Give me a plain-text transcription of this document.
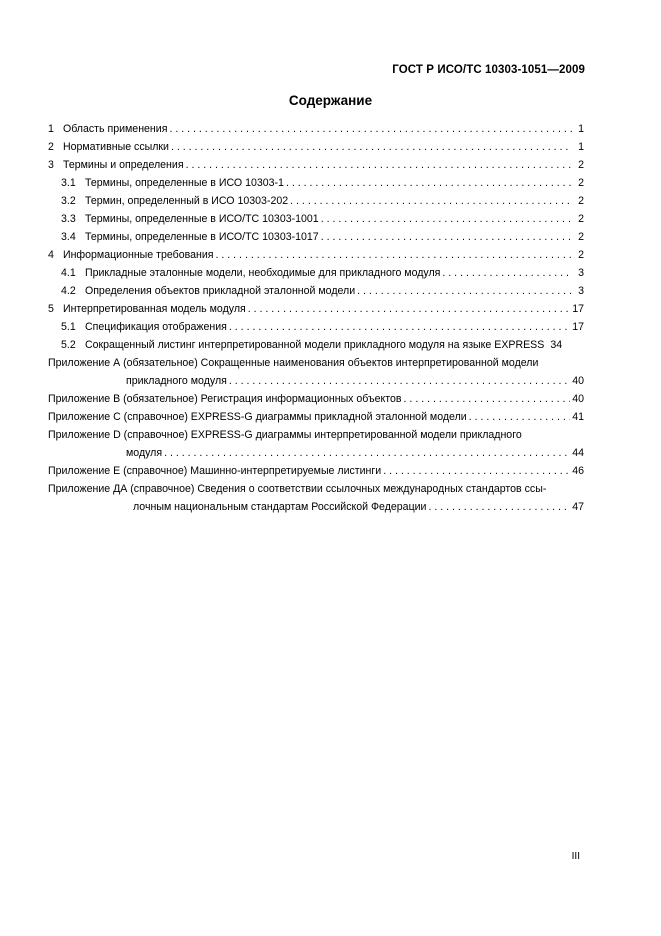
ГОСТ Р ИСО/ТС 10303-1051—2009
Содержание
1 Область применения . . .	1
2 Нормативные ссылки . . .	1
3 Термины и определения . . .	2
3.1 Термины, определенные в ИСО 10303-1 . . .	2
3.2 Термин, определенный в ИСО 10303-202 . . .	2
3.3 Термины, определенные в ИСО/ТС 10303-1001 . . .	2
3.4 Термины, определенные в ИСО/ТС 10303-1017 . . .	2
4 Информационные требования . . .	2
4.1 Прикладные эталонные модели, необходимые для прикладного модуля . . .	3
4.2 Определения объектов прикладной эталонной модели . . .	3
5 Интерпретированная модель модуля . . .	17
5.1 Спецификация отображения . . .	17
5.2 Сокращенный листинг интерпретированной модели прикладного модуля на языке EXPRESS 34
Приложение А (обязательное) Сокращенные наименования объектов интерпретированной модели
прикладного модуля . . .	40
Приложение В (обязательное) Регистрация информационных объектов . . .	40
Приложение С (справочное) EXPRESS-G диаграммы прикладной эталонной модели . . .	41
Приложение D (справочное) EXPRESS-G диаграммы интерпретированной модели прикладного
модуля . . .	44
Приложение Е (справочное) Машинно-интерпретируемые листинги . . .	46
Приложение ДА (справочное) Сведения о соответствии ссылочных международных стандартов ссы-
лочным национальным стандартам Российской Федерации . . .	47
III
